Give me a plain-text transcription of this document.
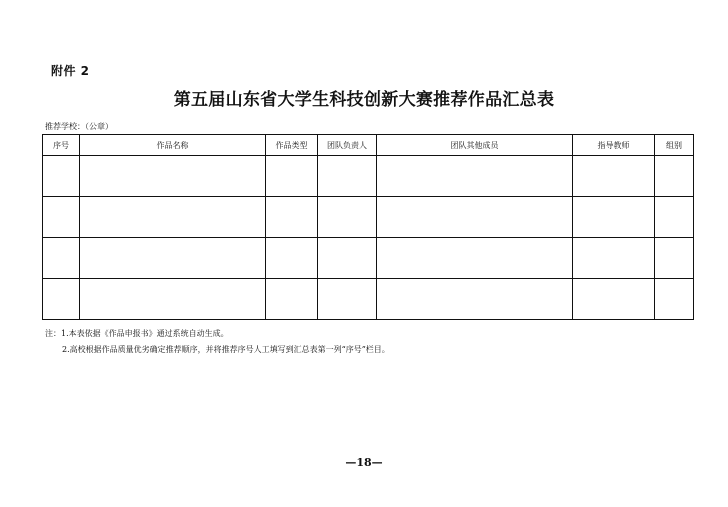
附件 2
第五届山东省大学生科技创新大赛推荐作品汇总表
推荐学校：（公章）
序号	作品名称	作品类型	团队负责人	团队其他成员	指导教师	组别

注：1.本表依据《作品申报书》通过系统自动生成。
2.高校根据作品质量优劣确定推荐顺序，并将推荐序号人工填写到汇总表第一列“序号”栏目。
—18—
